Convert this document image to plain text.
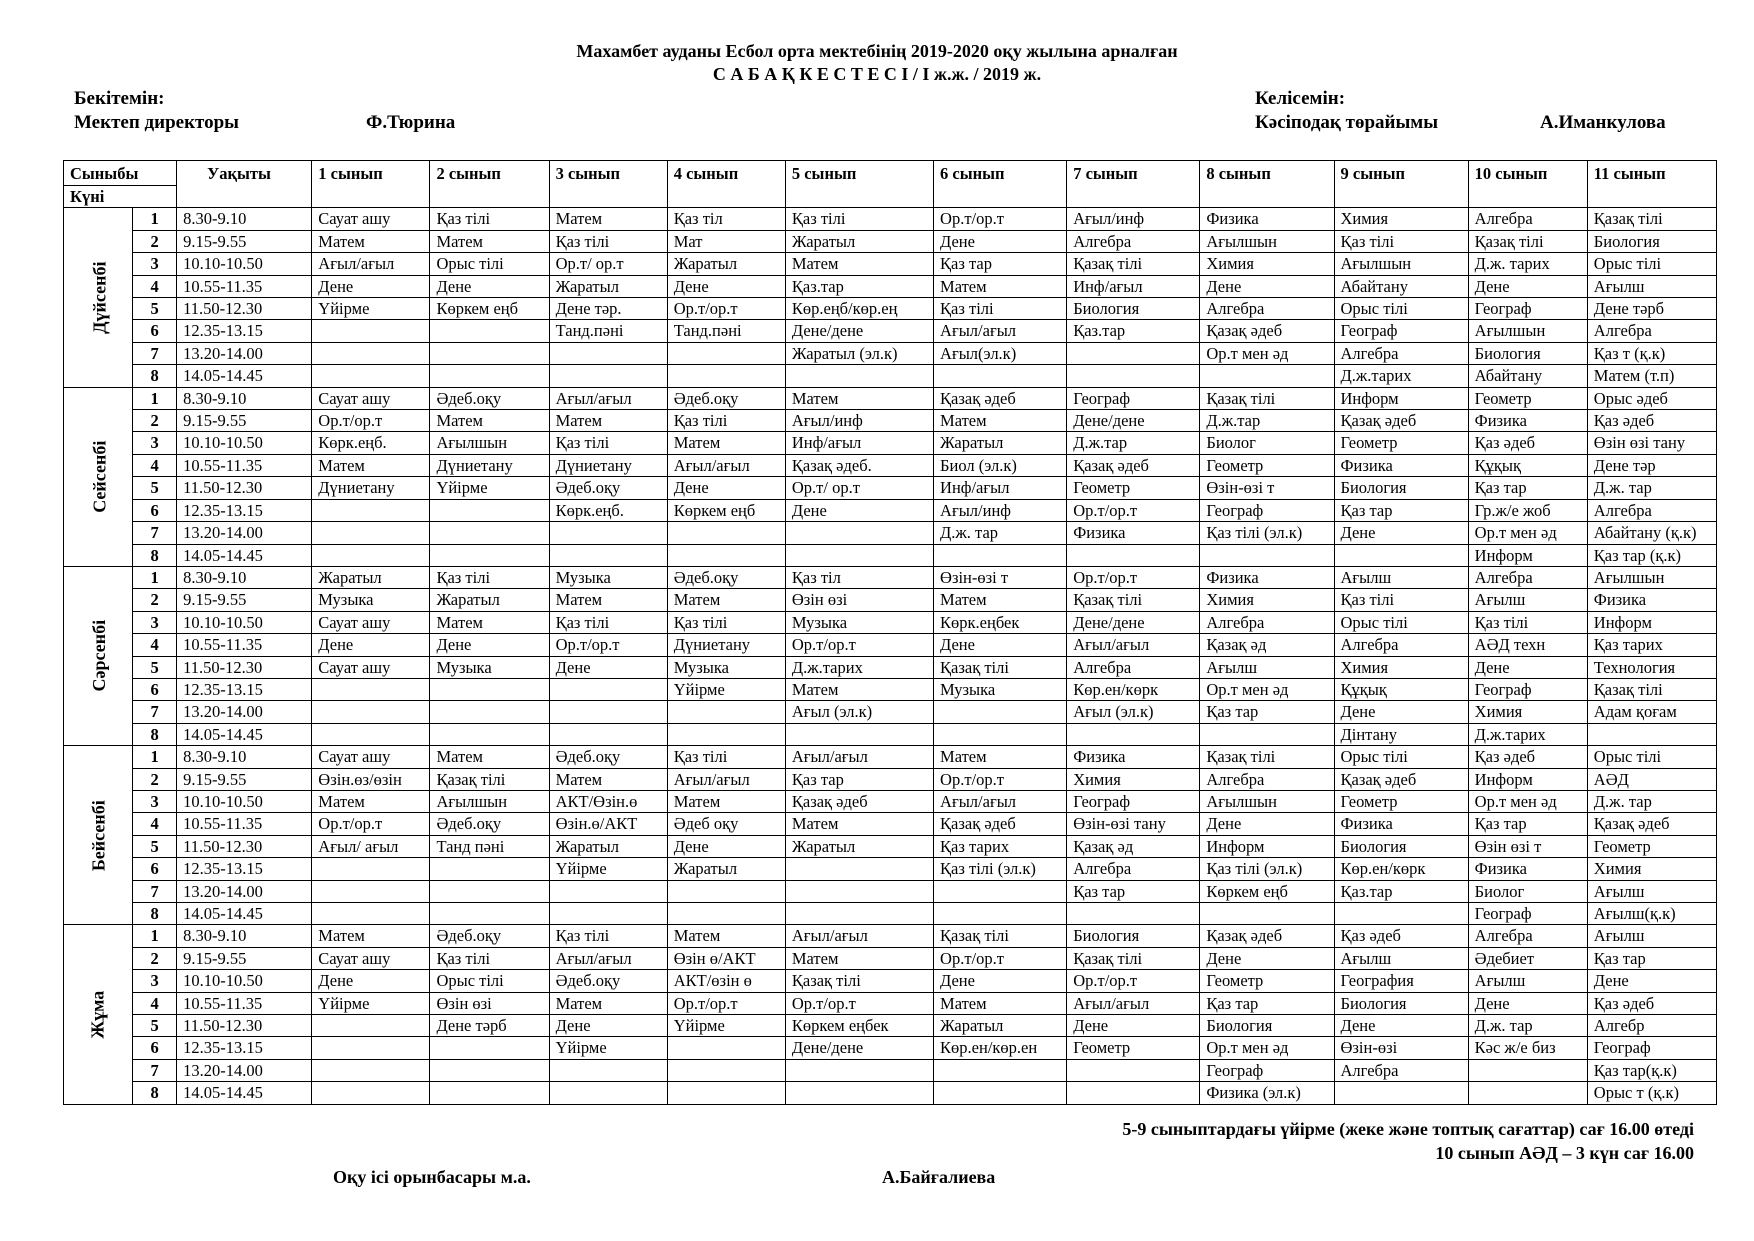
Махамбет ауданы Есбол орта мектебінің 2019-2020 оқу жылына арналған
С А Б А Қ К Е С Т Е С І / І ж.ж. / 2019 ж.
Бекітемін:
Мектеп директоры	Ф.Тюрина
Келісемін:
Кәсіподақ төрайымы	А.Иманкулова
Сыныбы		Уақыты	1 сынып	2 сынып	3 сынып	4 сынып	5 сынып	6 сынып	7 сынып	8 сынып	9 сынып	10 сынып	11 сынып
Күні													
Дүйсенбі	1	8.30-9.10	Сауат ашу	Қаз тілі	Матем	Қаз тіл	Қаз тілі	Ор.т/ор.т	Ағыл/инф	Физика	Химия	Алгебра	Қазақ тілі
	2	9.15-9.55	Матем	Матем	Қаз тілі	Мат	Жаратыл	Дене	Алгебра	Ағылшын	Қаз тілі	Қазақ тілі	Биология
	3	10.10-10.50	Ағыл/ағыл	Орыс тілі	Ор.т/ ор.т	Жаратыл	Матем	Қаз тар	Қазақ тілі	Химия	Ағылшын	Д.ж. тарих	Орыс тілі
	4	10.55-11.35	Дене	Дене	Жаратыл	Дене	Қаз.тар	Матем	Инф/ағыл	Дене	Абайтану	Дене	Ағылш
	5	11.50-12.30	Үйірме	Көркем еңб	Дене тәр.	Ор.т/ор.т	Көр.еңб/көр.ең	Қаз тілі	Биология	Алгебра	Орыс тілі	Географ	Дене тәрб
	6	12.35-13.15			Танд.пәні	Танд.пәні	Дене/дене	Ағыл/ағыл	Қаз.тар	Қазақ әдеб	Географ	Ағылшын	Алгебра
	7	13.20-14.00					Жаратыл (эл.к)	Ағыл(эл.к)		Ор.т мен әд	Алгебра	Биология	Қаз т (қ.к)
	8	14.05-14.45									Д.ж.тарих	Абайтану	Матем (т.п)
Сейсенбі	1	8.30-9.10	Сауат ашу	Әдеб.оқу	Ағыл/ағыл	Әдеб.оқу	Матем	Қазақ әдеб	Географ	Қазақ тілі	Информ	Геометр	Орыс әдеб
	2	9.15-9.55	Ор.т/ор.т	Матем	Матем	Қаз тілі	Ағыл/инф	Матем	Дене/дене	Д.ж.тар	Қазақ әдеб	Физика	Қаз әдеб
	3	10.10-10.50	Көрк.еңб.	Ағылшын	Қаз тілі	Матем	Инф/ағыл	Жаратыл	Д.ж.тар	Биолог	Геометр	Қаз әдеб	Өзін өзі тану
	4	10.55-11.35	Матем	Дүниетану	Дүниетану	Ағыл/ағыл	Қазақ әдеб.	Биол (эл.к)	Қазақ әдеб	Геометр	Физика	Құқық	Дене тәр
	5	11.50-12.30	Дүниетану	Үйірме	Әдеб.оқу	Дене	Ор.т/ ор.т	Инф/ағыл	Геометр	Өзін-өзі т	Биология	Қаз тар	Д.ж. тар
	6	12.35-13.15			Көрк.еңб.	Көркем еңб	Дене	Ағыл/инф	Ор.т/ор.т	Географ	Қаз тар	Гр.ж/е жоб	Алгебра
	7	13.20-14.00						Д.ж. тар	Физика	Қаз тілі (эл.к)	Дене	Ор.т мен әд	Абайтану (қ.к)
	8	14.05-14.45										Информ	Қаз тар (қ.к)
Сәрсенбі	1	8.30-9.10	Жаратыл	Қаз тілі	Музыка	Әдеб.оқу	Қаз тіл	Өзін-өзі т	Ор.т/ор.т	Физика	Ағылш	Алгебра	Ағылшын
	2	9.15-9.55	Музыка	Жаратыл	Матем	Матем	Өзін өзі	Матем	Қазақ тілі	Химия	Қаз тілі	Ағылш	Физика
	3	10.10-10.50	Сауат ашу	Матем	Қаз тілі	Қаз тілі	Музыка	Көрк.еңбек	Дене/дене	Алгебра	Орыс тілі	Қаз тілі	Информ
	4	10.55-11.35	Дене	Дене	Ор.т/ор.т	Дүниетану	Ор.т/ор.т	Дене	Ағыл/ағыл	Қазақ әд	Алгебра	АӘД техн	Қаз тарих
	5	11.50-12.30	Сауат ашу	Музыка	Дене	Музыка	Д.ж.тарих	Қазақ тілі	Алгебра	Ағылш	Химия	Дене	Технология
	6	12.35-13.15				Үйірме	Матем	Музыка	Көр.ен/көрк	Ор.т мен әд	Құқық	Географ	Қазақ тілі
	7	13.20-14.00					Ағыл (эл.к)		Ағыл (эл.к)	Қаз тар	Дене	Химия	Адам қоғам
	8	14.05-14.45									Дінтану	Д.ж.тарих	
Бейсенбі	1	8.30-9.10	Сауат ашу	Матем	Әдеб.оқу	Қаз тілі	Ағыл/ағыл	Матем	Физика	Қазақ тілі	Орыс тілі	Қаз әдеб	Орыс тілі
	2	9.15-9.55	Өзін.өз/өзін	Қазақ тілі	Матем	Ағыл/ағыл	Қаз тар	Ор.т/ор.т	Химия	Алгебра	Қазақ әдеб	Информ	АӘД
	3	10.10-10.50	Матем	Ағылшын	АКТ/Өзін.ө	Матем	Қазақ әдеб	Ағыл/ағыл	Географ	Ағылшын	Геометр	Ор.т мен әд	Д.ж. тар
	4	10.55-11.35	Ор.т/ор.т	Әдеб.оқу	Өзін.ө/АКТ	Әдеб оқу	Матем	Қазақ әдеб	Өзін-өзі тану	Дене	Физика	Қаз тар	Қазақ әдеб
	5	11.50-12.30	Ағыл/ ағыл	Танд пәні	Жаратыл	Дене	Жаратыл	Қаз тарих	Қазақ әд	Информ	Биология	Өзін өзі т	Геометр
	6	12.35-13.15			Үйірме	Жаратыл		Қаз тілі (эл.к)	Алгебра	Қаз тілі (эл.к)	Көр.ен/көрк	Физика	Химия
	7	13.20-14.00							Қаз тар	Көркем еңб	Қаз.тар	Биолог	Ағылш
	8	14.05-14.45										Географ	Ағылш(қ.к)
Жұма	1	8.30-9.10	Матем	Әдеб.оқу	Қаз тілі	Матем	Ағыл/ағыл	Қазақ тілі	Биология	Қазақ әдеб	Қаз әдеб	Алгебра	Ағылш
	2	9.15-9.55	Сауат ашу	Қаз тілі	Ағыл/ағыл	Өзін ө/АКТ	Матем	Ор.т/ор.т	Қазақ тілі	Дене	Ағылш	Әдебиет	Қаз тар
	3	10.10-10.50	Дене	Орыс тілі	Әдеб.оқу	АКТ/өзін ө	Қазақ тілі	Дене	Ор.т/ор.т	Геометр	География	Ағылш	Дене
	4	10.55-11.35	Үйірме	Өзін өзі	Матем	Ор.т/ор.т	Ор.т/ор.т	Матем	Ағыл/ағыл	Қаз тар	Биология	Дене	Қаз әдеб
	5	11.50-12.30		Дене тәрб	Дене	Үйірме	Көркем еңбек	Жаратыл	Дене	Биология	Дене	Д.ж. тар	Алгебр
	6	12.35-13.15			Үйірме		Дене/дене	Көр.ен/көр.ен	Геометр	Ор.т мен әд	Өзін-өзі	Кәс ж/е биз	Географ
	7	13.20-14.00								Географ	Алгебра		Қаз тар(қ.к)
	8	14.05-14.45								Физика (эл.к)			Орыс т (қ.к)
5-9 сыныптардағы үйірме (жеке және топтық сағаттар) сағ 16.00 өтеді
10 сынып АӘД – 3 күн сағ 16.00
Оқу ісі орынбасары м.а.	А.Байғалиева
